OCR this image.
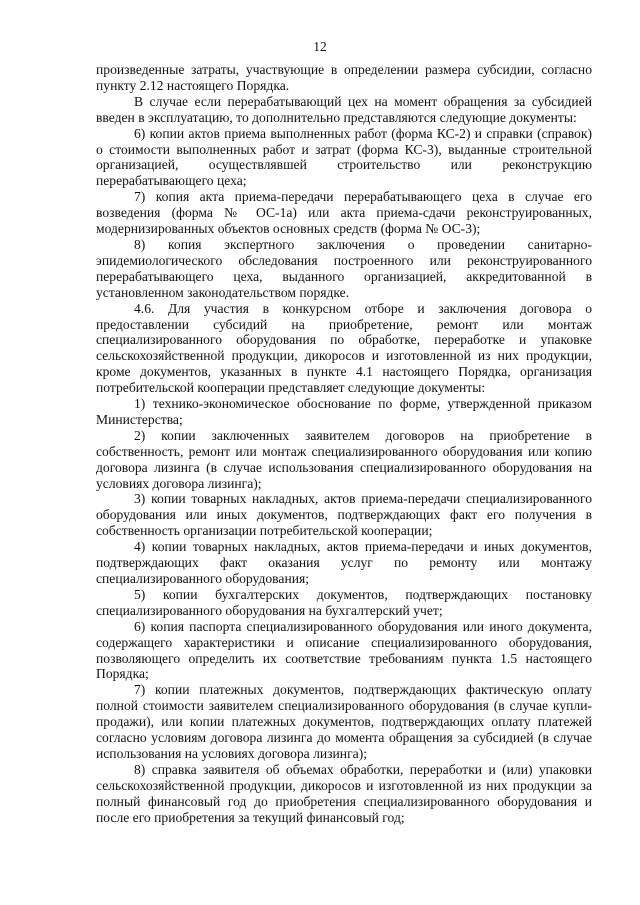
12

произведенные затраты, участвующие в определении размера субсидии, согласно пункту 2.12 настоящего Порядка.

В случае если перерабатывающий цех на момент обращения за субсидией введен в эксплуатацию, то дополнительно представляются следующие документы:

6) копии актов приема выполненных работ (форма КС-2) и справки (справок) о стоимости выполненных работ и затрат (форма КС-3), выданные строительной организацией, осуществлявшей строительство или реконструкцию перерабатывающего цеха;

7) копия акта приема-передачи перерабатывающего цеха в случае его возведения (форма № ОС-1а) или акта приема-сдачи реконструированных, модернизированных объектов основных средств (форма № ОС-3);

8) копия экспертного заключения о проведении санитарно-эпидемиологического обследования построенного или реконструированного перерабатывающего цеха, выданного организацией, аккредитованной в установленном законодательством порядке.

4.6. Для участия в конкурсном отборе и заключения договора о предоставлении субсидий на приобретение, ремонт или монтаж специализированного оборудования по обработке, переработке и упаковке сельскохозяйственной продукции, дикоросов и изготовленной из них продукции, кроме документов, указанных в пункте 4.1 настоящего Порядка, организация потребительской кооперации представляет следующие документы:

1) технико-экономическое обоснование по форме, утвержденной приказом Министерства;

2) копии заключенных заявителем договоров на приобретение в собственность, ремонт или монтаж специализированного оборудования или копию договора лизинга (в случае использования специализированного оборудования на условиях договора лизинга);

3) копии товарных накладных, актов приема-передачи специализированного оборудования или иных документов, подтверждающих факт его получения в собственность организации потребительской кооперации;

4) копии товарных накладных, актов приема-передачи и иных документов, подтверждающих факт оказания услуг по ремонту или монтажу специализированного оборудования;

5) копии бухгалтерских документов, подтверждающих постановку специализированного оборудования на бухгалтерский учет;

6) копия паспорта специализированного оборудования или иного документа, содержащего характеристики и описание специализированного оборудования, позволяющего определить их соответствие требованиям пункта 1.5 настоящего Порядка;

7) копии платежных документов, подтверждающих фактическую оплату полной стоимости заявителем специализированного оборудования (в случае купли-продажи), или копии платежных документов, подтверждающих оплату платежей согласно условиям договора лизинга до момента обращения за субсидией (в случае использования на условиях договора лизинга);

8) справка заявителя об объемах обработки, переработки и (или) упаковки сельскохозяйственной продукции, дикоросов и изготовленной из них продукции за полный финансовый год до приобретения специализированного оборудования и после его приобретения за текущий финансовый год;
